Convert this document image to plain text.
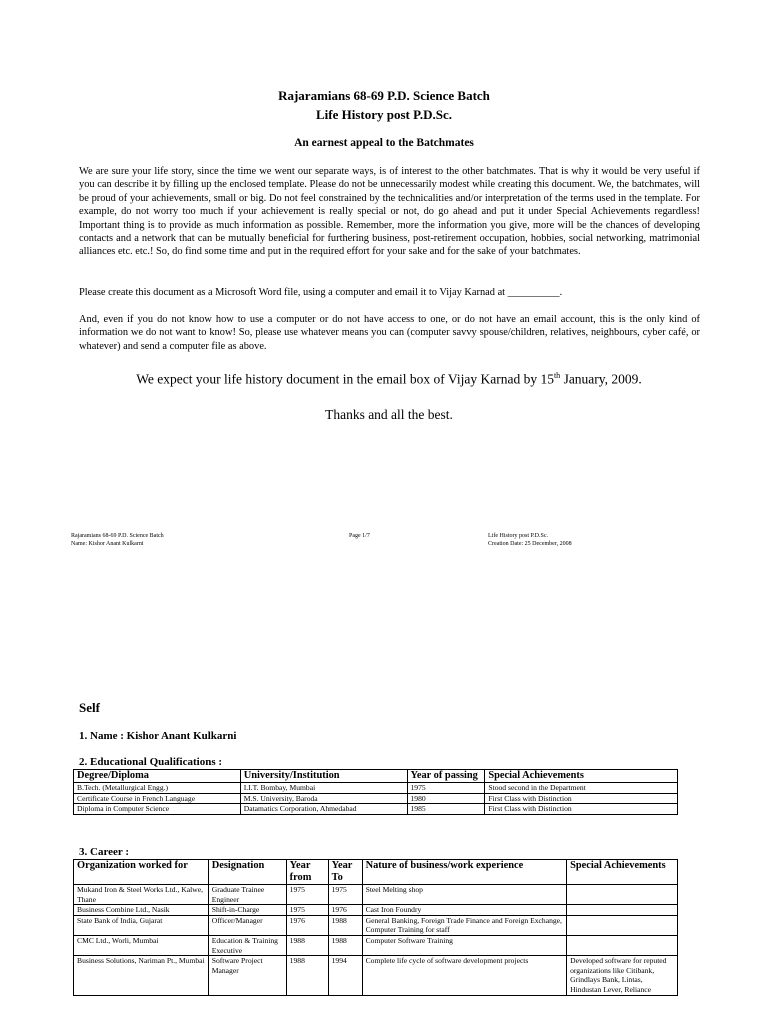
Rajaramians 68-69 P.D. Science Batch
Life History post P.D.Sc.
An earnest appeal to the Batchmates

We are sure your life story, since the time we went our separate ways, is of interest to the other batchmates. That is why it would be very useful if you can describe it by filling up the enclosed template. Please do not be unnecessarily modest while creating this document. We, the batchmates, will be proud of your achievements, small or big. Do not feel constrained by the technicalities and/or interpretation of the terms used in the template. For example, do not worry too much if your achievement is really special or not, do go ahead and put it under Special Achievements regardless! Important thing is to provide as much information as possible. Remember, more the information you give, more will be the chances of developing contacts and a network that can be mutually beneficial for furthering business, post-retirement occupation, hobbies, social networking, matrimonial alliances etc. etc.! So, do find some time and put in the required effort for your sake and for the sake of your batchmates.

Please create this document as a Microsoft Word file, using a computer and email it to Vijay Karnad at __________.

And, even if you do not know how to use a computer or do not have access to one, or do not have an email account, this is the only kind of information we do not want to know! So, please use whatever means you can (computer savvy spouse/children, relatives, neighbours, cyber café, or whatever) and send a computer file as above.

We expect your life history document in the email box of Vijay Karnad by 15th January, 2009.
Thanks and all the best.
Rajaramians 68-69 P.D. Science Batch
Name: Kishor Anant Kulkarni
Page 1/7	Life History post P.D.Sc.
Creation Date: 25 December, 2008
Self
1. Name : Kishor Anant Kulkarni
2. Educational Qualifications :
Degree/Diploma	University/Institution	Year of passing	Special Achievements
B.Tech. (Metallurgical Engg.)	I.I.T. Bombay, Mumbai	1975	Stood second in the Department
Certificate Course in French Language	M.S. University, Baroda	1980	First Class with Distinction
Diploma in Computer Science	Datamatics Corporation, Ahmedabad	1985	First Class with Distinction
3. Career :
Organization worked for	Designation	Year from	Year To	Nature of business/work experience	Special Achievements
Mukand Iron & Steel Works Ltd., Kalwe, Thane	Graduate Trainee Engineer	1975	1975	Steel Melting shop	
Business Combine Ltd., Nasik	Shift-in-Charge	1975	1976	Cast Iron Foundry	
State Bank of India, Gujarat	Officer/Manager	1976	1988	General Banking, Foreign Trade Finance and Foreign Exchange, Computer Training for staff	
CMC Ltd., Worli, Mumbai	Education & Training Executive	1988	1988	Computer Software Training	
Business Solutions, Nariman Pt., Mumbai	Software Project Manager	1988	1994	Complete life cycle of software development projects	Developed software for reputed organizations like Citibank, Grindlays Bank, Lintas, Hindustan Lever, Reliance
